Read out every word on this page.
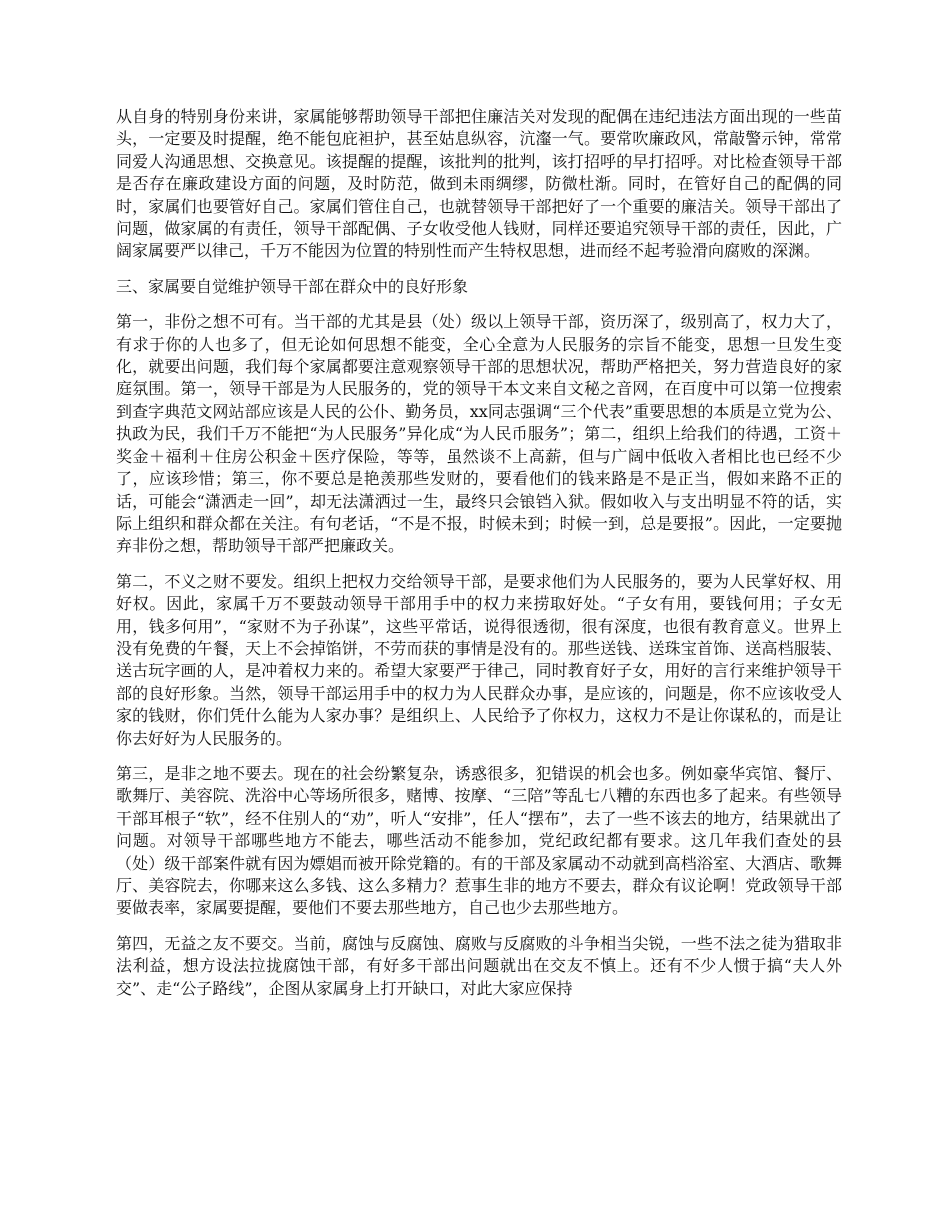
从自身的特别身份来讲，家属能够帮助领导干部把住廉洁关对发现的配偶在违纪违法方面出现的一些苗头，一定要及时提醒，绝不能包庇袒护，甚至姑息纵容，沆瀣一气。要常吹廉政风，常敲警示钟，常常同爱人沟通思想、交换意见。该提醒的提醒，该批判的批判，该打招呼的早打招呼。对比检查领导干部是否存在廉政建设方面的问题，及时防范，做到未雨绸缪，防微杜渐。同时，在管好自己的配偶的同时，家属们也要管好自己。家属们管住自己，也就替领导干部把好了一个重要的廉洁关。领导干部出了问题，做家属的有责任，领导干部配偶、子女收受他人钱财，同样还要追究领导干部的责任，因此，广阔家属要严以律己，千万不能因为位置的特别性而产生特权思想，进而经不起考验滑向腐败的深渊。

三、家属要自觉维护领导干部在群众中的良好形象

第一，非份之想不可有。当干部的尤其是县（处）级以上领导干部，资历深了，级别高了，权力大了，有求于你的人也多了，但无论如何思想不能变，全心全意为人民服务的宗旨不能变，思想一旦发生变化，就要出问题，我们每个家属都要注意观察领导干部的思想状况，帮助严格把关，努力营造良好的家庭氛围。第一，领导干部是为人民服务的，党的领导干本文来自文秘之音网，在百度中可以第一位搜索到查字典范文网站部应该是人民的公仆、勤务员，xx同志强调“三个代表”重要思想的本质是立党为公、执政为民，我们千万不能把“为人民服务”异化成“为人民币服务”；第二，组织上给我们的待遇，工资＋奖金＋福利＋住房公积金＋医疗保险，等等，虽然谈不上高薪，但与广阔中低收入者相比也已经不少了，应该珍惜；第三，你不要总是艳羡那些发财的，要看他们的钱来路是不是正当，假如来路不正的话，可能会“潇洒走一回”，却无法潇洒过一生，最终只会锒铛入狱。假如收入与支出明显不符的话，实际上组织和群众都在关注。有句老话，“不是不报，时候未到；时候一到，总是要报”。因此，一定要抛弃非份之想，帮助领导干部严把廉政关。

第二，不义之财不要发。组织上把权力交给领导干部，是要求他们为人民服务的，要为人民掌好权、用好权。因此，家属千万不要鼓动领导干部用手中的权力来捞取好处。“子女有用，要钱何用；子女无用，钱多何用”，“家财不为子孙谋”，这些平常话，说得很透彻，很有深度，也很有教育意义。世界上没有免费的午餐，天上不会掉馅饼，不劳而获的事情是没有的。那些送钱、送珠宝首饰、送高档服装、送古玩字画的人，是冲着权力来的。希望大家要严于律己，同时教育好子女，用好的言行来维护领导干部的良好形象。当然，领导干部运用手中的权力为人民群众办事，是应该的，问题是，你不应该收受人家的钱财，你们凭什么能为人家办事？是组织上、人民给予了你权力，这权力不是让你谋私的，而是让你去好好为人民服务的。

第三，是非之地不要去。现在的社会纷繁复杂，诱惑很多，犯错误的机会也多。例如豪华宾馆、餐厅、歌舞厅、美容院、洗浴中心等场所很多，赌博、按摩、“三陪”等乱七八糟的东西也多了起来。有些领导干部耳根子“软”，经不住别人的“劝”，听人“安排”，任人“摆布”，去了一些不该去的地方，结果就出了问题。对领导干部哪些地方不能去，哪些活动不能参加，党纪政纪都有要求。这几年我们查处的县（处）级干部案件就有因为嫖娼而被开除党籍的。有的干部及家属动不动就到高档浴室、大酒店、歌舞厅、美容院去，你哪来这么多钱、这么多精力？惹事生非的地方不要去，群众有议论啊！党政领导干部要做表率，家属要提醒，要他们不要去那些地方，自己也少去那些地方。

第四，无益之友不要交。当前，腐蚀与反腐蚀、腐败与反腐败的斗争相当尖锐，一些不法之徒为猎取非法利益，想方设法拉拢腐蚀干部，有好多干部出问题就出在交友不慎上。还有不少人惯于搞“夫人外交”、走“公子路线”，企图从家属身上打开缺口，对此大家应保持
